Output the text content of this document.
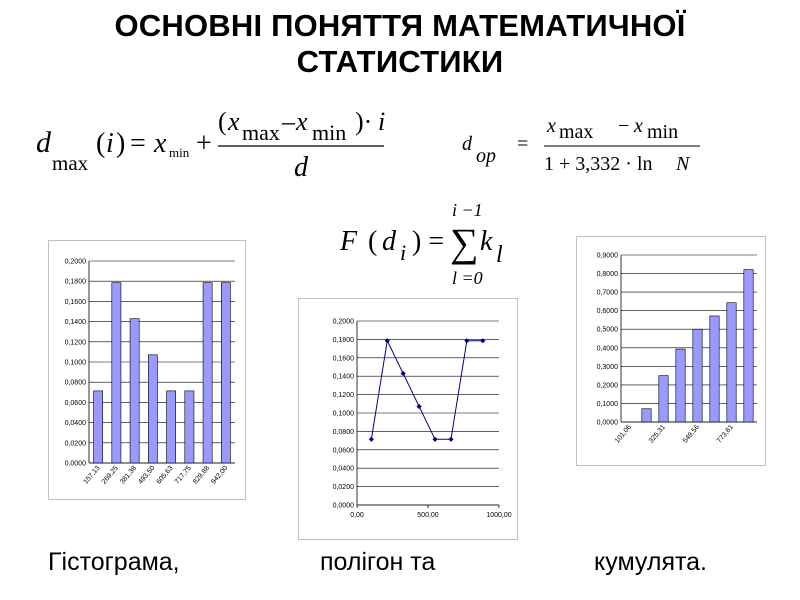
ОСНОВНІ ПОНЯТТЯ МАТЕМАТИЧНОЇ
СТАТИСТИКИ
d
max
( i ) = x min +
( x max – x min )· i
d
d
op
=
x max − x min
1 + 3,332 · ln N
i −1
F ( d i ) = ∑ k l
l =0
0,0000
0,0200
0,0400
0,0600
0,0800
0,1000
0,1200
0,1400
0,1600
0,1800
0,2000
157,13 269,25 381,38 493,50 605,63 717,75 829,88 942,00
0,0000
0,0200
0,0400
0,0600
0,0800
0,1000
0,1200
0,1400
0,1600
0,1800
0,2000
0,00	500,00	1000,00
0,0000
0,1000
0,2000
0,3000
0,4000
0,5000
0,6000
0,7000
0,8000
0,9000
101,06 325,31 549,56 773,81
Гістограма,	полігон та	кумулята.
